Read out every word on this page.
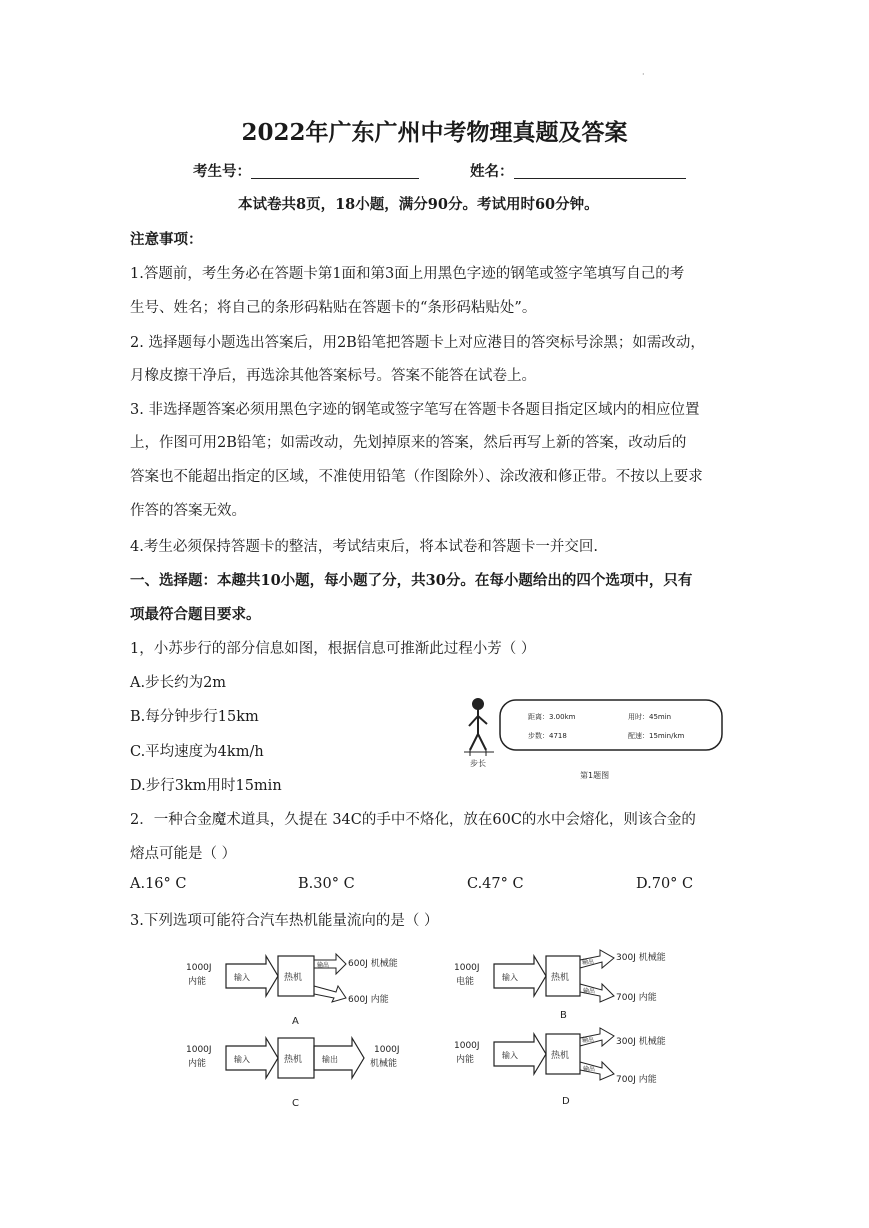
·
2022年广东广州中考物理真题及答案
考生号：	姓名：
本试卷共8页，18小题，满分90分。考试用时60分钟。
注意事项：
1.答题前，考生务必在答题卡第1面和第3面上用黑色字迹的钢笔或签字笔填写自己的考
生号、姓名；将自己的条形码粘贴在答题卡的“条形码粘贴处”。
2. 选择题每小题选出答案后，用2B铅笔把答题卡上对应港目的答突标号涂黑；如需改动，
月橡皮擦干净后，再选涂其他答案标号。答案不能答在试卷上。
3. 非选择题答案必须用黑色字迹的钢笔或签字笔写在答题卡各题目指定区域内的相应位置
上，作图可用2B铅笔；如需改动，先划掉原来的答案，然后再写上新的答案，改动后的
答案也不能超出指定的区域，不准使用铅笔（作图除外）、涂改液和修正带。不按以上要求
作答的答案无效。
4.考生必须保持答题卡的整洁，考试结束后，将本试卷和答题卡一并交回.
一、选择题：本趣共10小题，每小题了分，共30分。在每小题给出的四个选项中，只有
项最符合题目要求。
1，小苏步行的部分信息如图，根据信息可推渐此过程小芳（ ）
A.步长约为2m
B.每分钟步行15km
C.平均速度为4km/h
D.步行3km用时15min
步长
距离：3.00km	用时：45min
步数：4718	配速：15min/km
第1题图
2．一种合金魔术道具，久提在 34C的手中不烙化，放在60C的水中会熔化，则该合金的
熔点可能是（ ）
A.16° C	B.30° C	C.47° C	D.70° C
3.下列选项可能符合汽车热机能量流向的是（ ）
1000J
内能	输入	热机
输出 600J 机械能
600J 内能
A
1000J
电能	输入	热机
输出 300J 机械能
输出
700J 内能
B
1000J
内能	输入	热机 输出
1000J
机械能
C
1000J
内能	输入	热机
输出 300J 机械能
输出
700J 内能
D
